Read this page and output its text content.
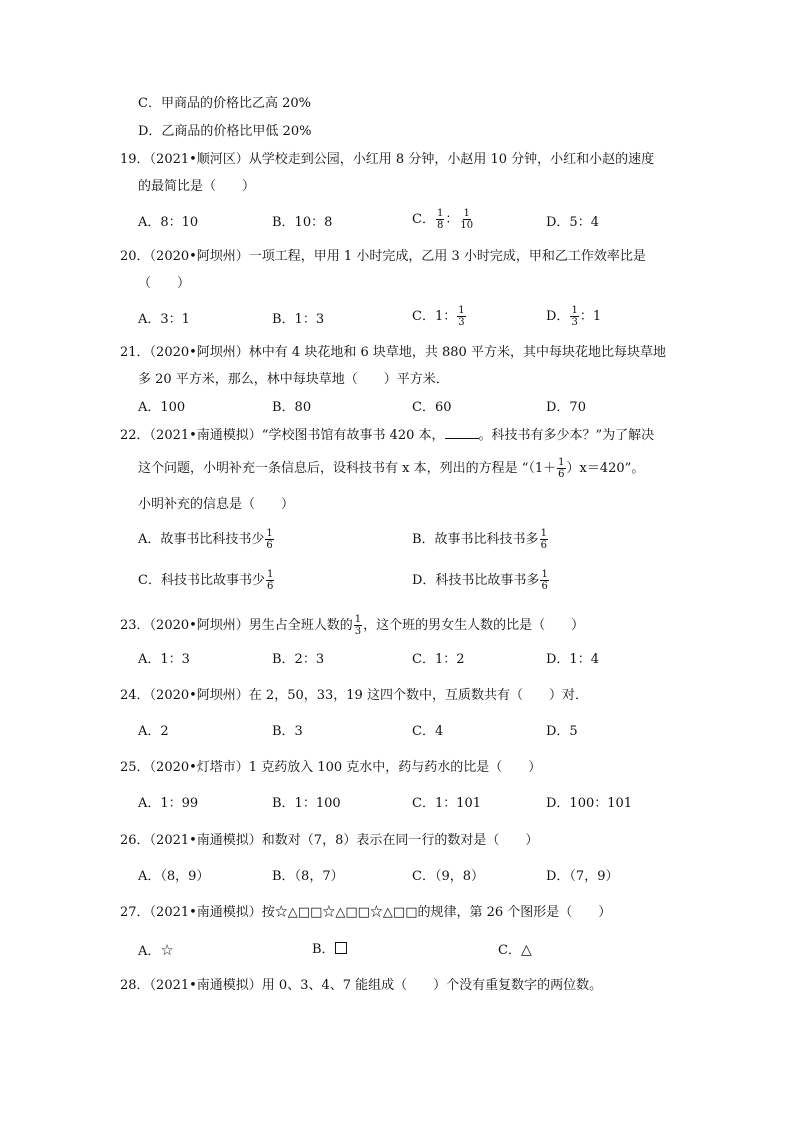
C．甲商品的价格比乙高 20%
D．乙商品的价格比甲低 20%
19．（2021•顺河区）从学校走到公园，小红用 8 分钟，小赵用 10 分钟，小红和小赵的速度
的最简比是（　　）
A．8：10	B．10：8	C． $\frac{1}{8}$ ： $\frac{1}{10}$	D．5：4
20．（2020•阿坝州）一项工程，甲用 1 小时完成，乙用 3 小时完成，甲和乙工作效率比是
（　　）
A．3：1	B．1：3	C．1： $\frac{1}{3}$	D． $\frac{1}{3}$ ：1
21．（2020•阿坝州）林中有 4 块花地和 6 块草地，共 880 平方米，其中每块花地比每块草地
多 20 平方米，那么，林中每块草地（　　）平方米．
A．100	B．80	C．60	D．70
22．（2021•南通模拟）“学校图书馆有故事书 420 本，	。科技书有多少本？”为了解决
这个问题，小明补充一条信息后，设科技书有 x 本，列出的方程是 “$(1+ \frac{1}{6} )x=420$”。
小明补充的信息是（　　）
A．故事书比科技书少 $\frac{1}{6}$	B．故事书比科技书多 $\frac{1}{6}$
C．科技书比故事书少 $\frac{1}{6}$	D．科技书比故事书多 $\frac{1}{6}$
23．（2020•阿坝州）男生占全班人数的 $\frac{1}{3}$ ，这个班的男女生人数的比是（　　）
A．1：3	B．2：3	C．1：2	D．1：4
24．（2020•阿坝州）在 2，50，33，19 这四个数中，互质数共有（　　）对．
A．2	B．3	C．4	D．5
25．（2020•灯塔市）1 克药放入 100 克水中，药与药水的比是（　　）
A．1：99	B．1：100	C．1：101	D．100：101
26．（2021•南通模拟）和数对（7，8）表示在同一行的数对是（　　）
A．（8，9）	B．（8，7）	C．（9，8）	D．（7，9）
27．（2021•南通模拟）按☆△□□☆△□□☆△□□的规律，第 26 个图形是（　　）
A．☆	B．	C．△
28．（2021•南通模拟）用 0、3、4、7 能组成（　　）个没有重复数字的两位数。
